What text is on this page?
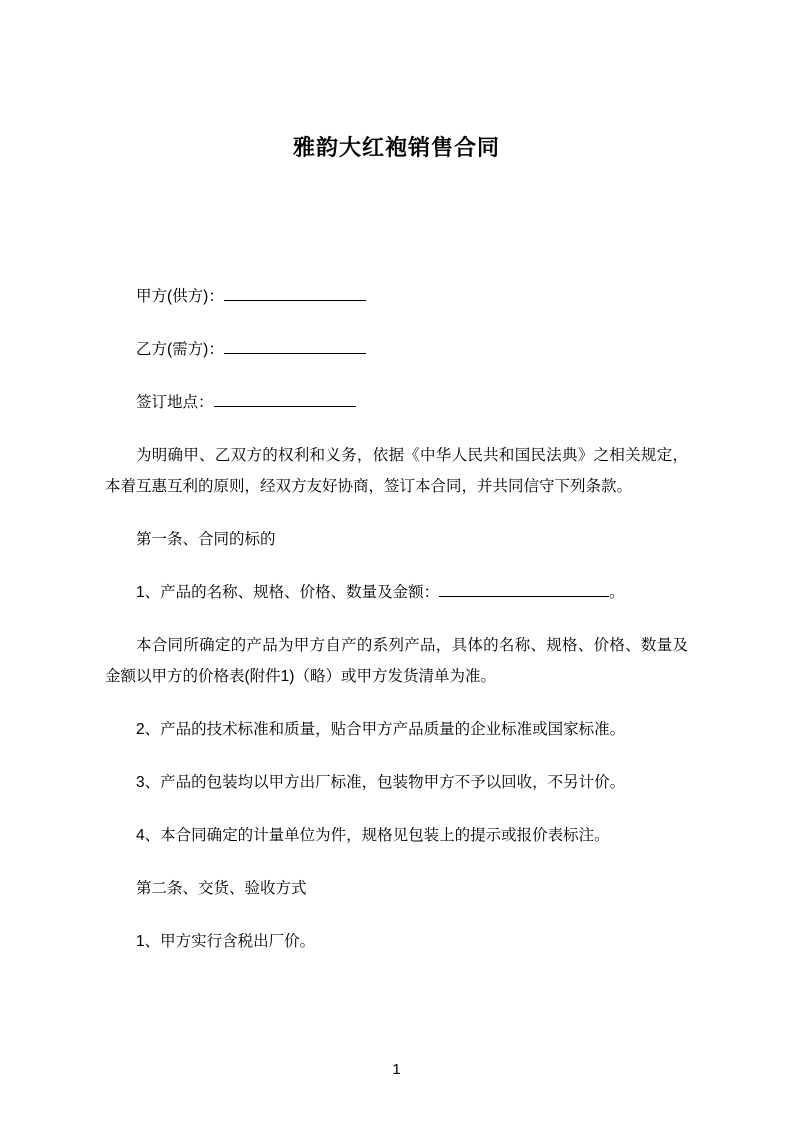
雅韵大红袍销售合同

甲方(供方)：

乙方(需方)：

签订地点：

为明确甲、乙双方的权利和义务，依据《中华人民共和国民法典》之相关规定，本着互惠互利的原则，经双方友好协商，签订本合同，并共同信守下列条款。

第一条、合同的标的

1、产品的名称、规格、价格、数量及金额：	。

本合同所确定的产品为甲方自产的系列产品，具体的名称、规格、价格、数量及金额以甲方的价格表(附件1)（略）或甲方发货清单为准。

2、产品的技术标准和质量，贴合甲方产品质量的企业标准或国家标准。

3、产品的包装均以甲方出厂标准，包装物甲方不予以回收，不另计价。

4、本合同确定的计量单位为件，规格见包装上的提示或报价表标注。

第二条、交货、验收方式

1、甲方实行含税出厂价。

1
